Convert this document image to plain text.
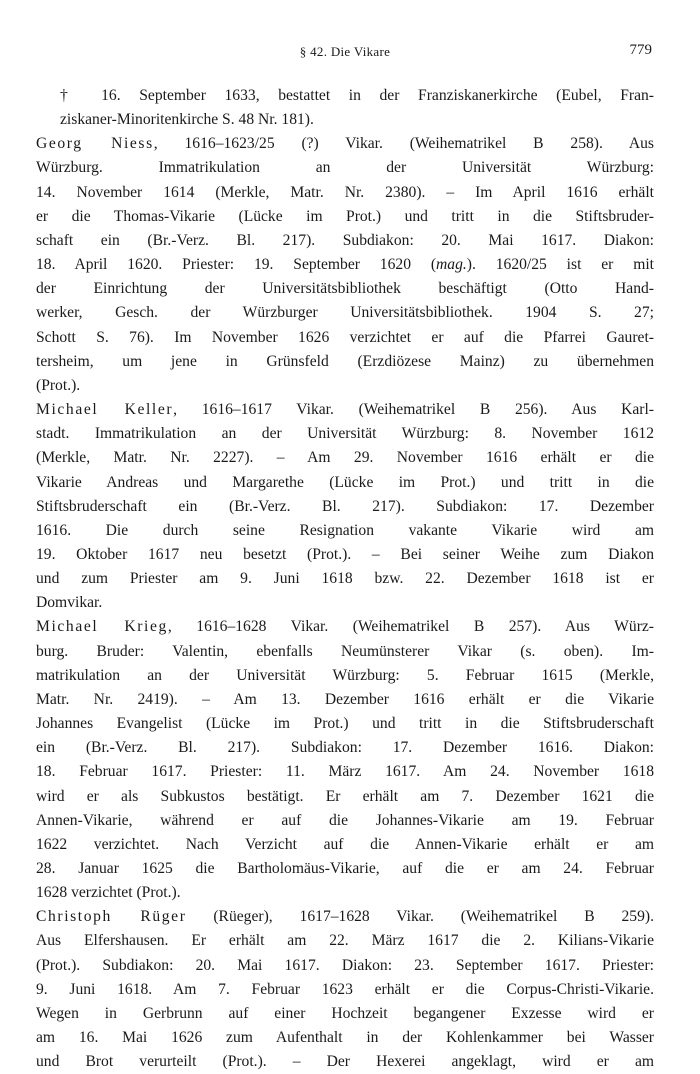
§ 42. Die Vikare	779

† 16. September 1633, bestattet in der Franziskanerkirche (Eubel, Fran-
ziskaner-Minoritenkirche S. 48 Nr. 181).

Georg Niess, 1616–1623/25 (?) Vikar. (Weihematrikel B 258). Aus
Würzburg. Immatrikulation an der Universität Würzburg:
14. November 1614 (Merkle, Matr. Nr. 2380). – Im April 1616 erhält
er die Thomas-Vikarie (Lücke im Prot.) und tritt in die Stiftsbruder-
schaft ein (Br.-Verz. Bl. 217). Subdiakon: 20. Mai 1617. Diakon:
18. April 1620. Priester: 19. September 1620 (mag.). 1620/25 ist er mit
der Einrichtung der Universitätsbibliothek beschäftigt (Otto Hand-
werker, Gesch. der Würzburger Universitätsbibliothek. 1904 S. 27;
Schott S. 76). Im November 1626 verzichtet er auf die Pfarrei Gauret-
tersheim, um jene in Grünsfeld (Erzdiözese Mainz) zu übernehmen
(Prot.).

Michael Keller, 1616–1617 Vikar. (Weihematrikel B 256). Aus Karl-
stadt. Immatrikulation an der Universität Würzburg: 8. November 1612
(Merkle, Matr. Nr. 2227). – Am 29. November 1616 erhält er die
Vikarie Andreas und Margarethe (Lücke im Prot.) und tritt in die
Stiftsbruderschaft ein (Br.-Verz. Bl. 217). Subdiakon: 17. Dezember
1616. Die durch seine Resignation vakante Vikarie wird am
19. Oktober 1617 neu besetzt (Prot.). – Bei seiner Weihe zum Diakon
und zum Priester am 9. Juni 1618 bzw. 22. Dezember 1618 ist er
Domvikar.

Michael Krieg, 1616–1628 Vikar. (Weihematrikel B 257). Aus Würz-
burg. Bruder: Valentin, ebenfalls Neumünsterer Vikar (s. oben). Im-
matrikulation an der Universität Würzburg: 5. Februar 1615 (Merkle,
Matr. Nr. 2419). – Am 13. Dezember 1616 erhält er die Vikarie
Johannes Evangelist (Lücke im Prot.) und tritt in die Stiftsbruderschaft
ein (Br.-Verz. Bl. 217). Subdiakon: 17. Dezember 1616. Diakon:
18. Februar 1617. Priester: 11. März 1617. Am 24. November 1618
wird er als Subkustos bestätigt. Er erhält am 7. Dezember 1621 die
Annen-Vikarie, während er auf die Johannes-Vikarie am 19. Februar
1622 verzichtet. Nach Verzicht auf die Annen-Vikarie erhält er am
28. Januar 1625 die Bartholomäus-Vikarie, auf die er am 24. Februar
1628 verzichtet (Prot.).

Christoph Rüger (Rüeger), 1617–1628 Vikar. (Weihematrikel B 259).
Aus Elfershausen. Er erhält am 22. März 1617 die 2. Kilians-Vikarie
(Prot.). Subdiakon: 20. Mai 1617. Diakon: 23. September 1617. Priester:
9. Juni 1618. Am 7. Februar 1623 erhält er die Corpus-Christi-Vikarie.
Wegen in Gerbrunn auf einer Hochzeit begangener Exzesse wird er
am 16. Mai 1626 zum Aufenthalt in der Kohlenkammer bei Wasser
und Brot verurteilt (Prot.). – Der Hexerei angeklagt, wird er am
